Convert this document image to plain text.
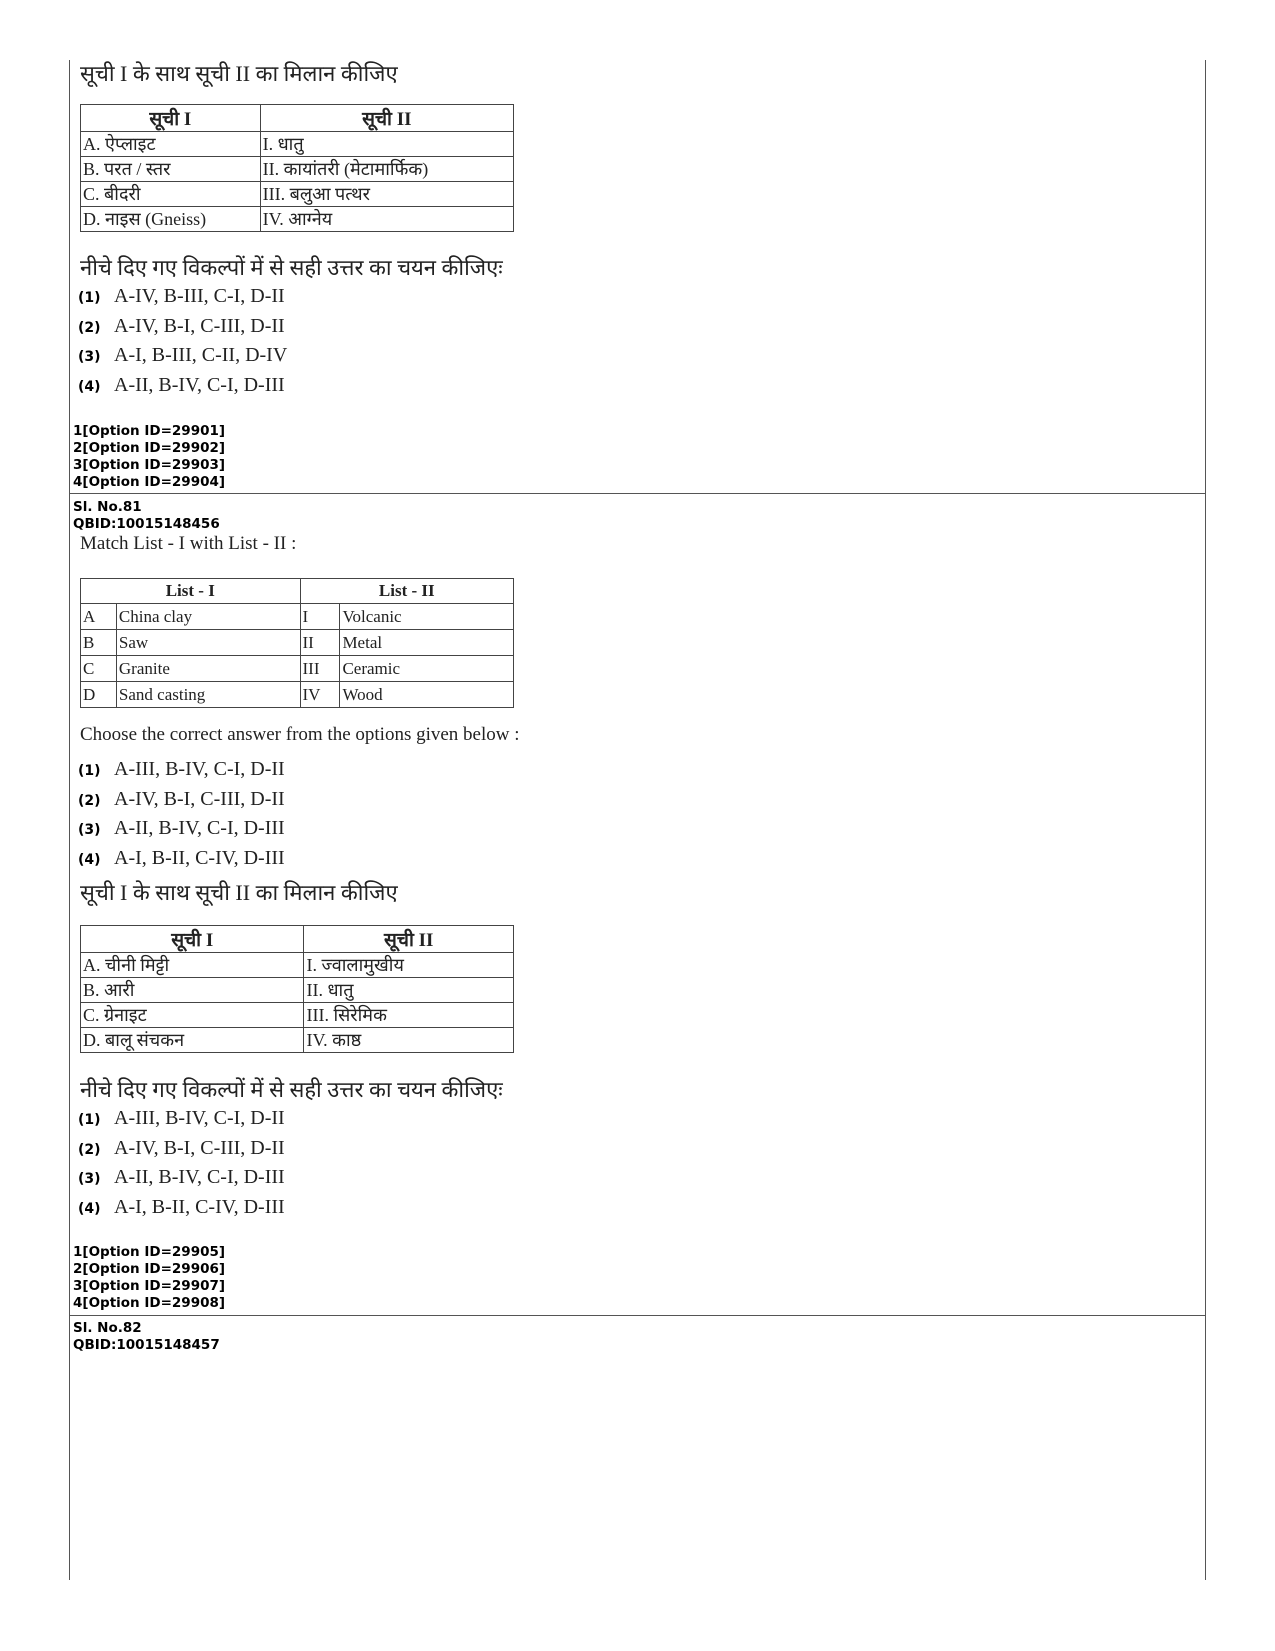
सूची I के साथ सूची II का मिलान कीजिए
सूची I	सूची II
A. ऐप्लाइट	I. धातु
B. परत / स्तर	II. कायांतरी (मेटामार्फिक)
C. बीदरी	III. बलुआ पत्थर
D. नाइस (Gneiss)	IV. आग्नेय
नीचे दिए गए विकल्पों में से सही उत्तर का चयन कीजिएः
(1) A-IV, B-III, C-I, D-II
(2) A-IV, B-I, C-III, D-II
(3) A-I, B-III, C-II, D-IV
(4) A-II, B-IV, C-I, D-III
1[Option ID=29901]
2[Option ID=29902]
3[Option ID=29903]
4[Option ID=29904]
Sl. No.81
QBID:10015148456
Match List - I with List - II :
List - I		List - II	
A	China clay	I	Volcanic
B	Saw	II	Metal
C	Granite	III	Ceramic
D	Sand casting	IV	Wood
Choose the correct answer from the options given below :
(1) A-III, B-IV, C-I, D-II
(2) A-IV, B-I, C-III, D-II
(3) A-II, B-IV, C-I, D-III
(4) A-I, B-II, C-IV, D-III
सूची I के साथ सूची II का मिलान कीजिए
सूची I	सूची II
A. चीनी मिट्टी	I. ज्वालामुखीय
B. आरी	II. धातु
C. ग्रेनाइट	III. सिरेमिक
D. बालू संचकन	IV. काष्ठ
नीचे दिए गए विकल्पों में से सही उत्तर का चयन कीजिएः
(1) A-III, B-IV, C-I, D-II
(2) A-IV, B-I, C-III, D-II
(3) A-II, B-IV, C-I, D-III
(4) A-I, B-II, C-IV, D-III
1[Option ID=29905]
2[Option ID=29906]
3[Option ID=29907]
4[Option ID=29908]
Sl. No.82
QBID:10015148457
